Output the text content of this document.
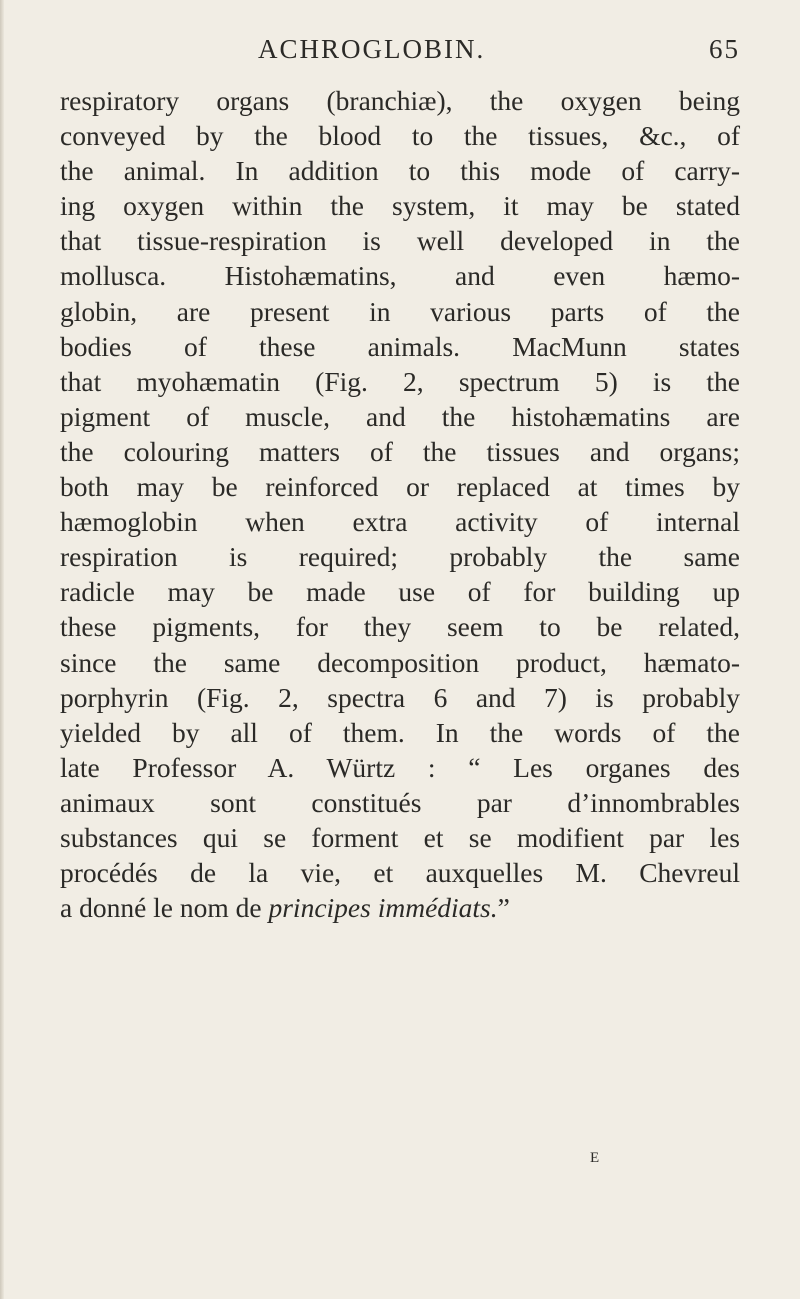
ACHROGLOBIN.	65
respiratory organs (branchiæ), the oxygen being
conveyed by the blood to the tissues, &c., of
the animal. In addition to this mode of carry-
ing oxygen within the system, it may be stated
that tissue-respiration is well developed in the
mollusca. Histohæmatins, and even hæmo-
globin, are present in various parts of the
bodies of these animals. MacMunn states
that myohæmatin (Fig. 2, spectrum 5) is the
pigment of muscle, and the histohæmatins are
the colouring matters of the tissues and organs;
both may be reinforced or replaced at times by
hæmoglobin when extra activity of internal
respiration is required; probably the same
radicle may be made use of for building up
these pigments, for they seem to be related,
since the same decomposition product, hæmato-
porphyrin (Fig. 2, spectra 6 and 7) is probably
yielded by all of them. In the words of the
late Professor A. Würtz : “ Les organes des
animaux sont constitués par d’innombrables
substances qui se forment et se modifient par les
procédés de la vie, et auxquelles M. Chevreul
a donné le nom de principes immédiats.”
E
